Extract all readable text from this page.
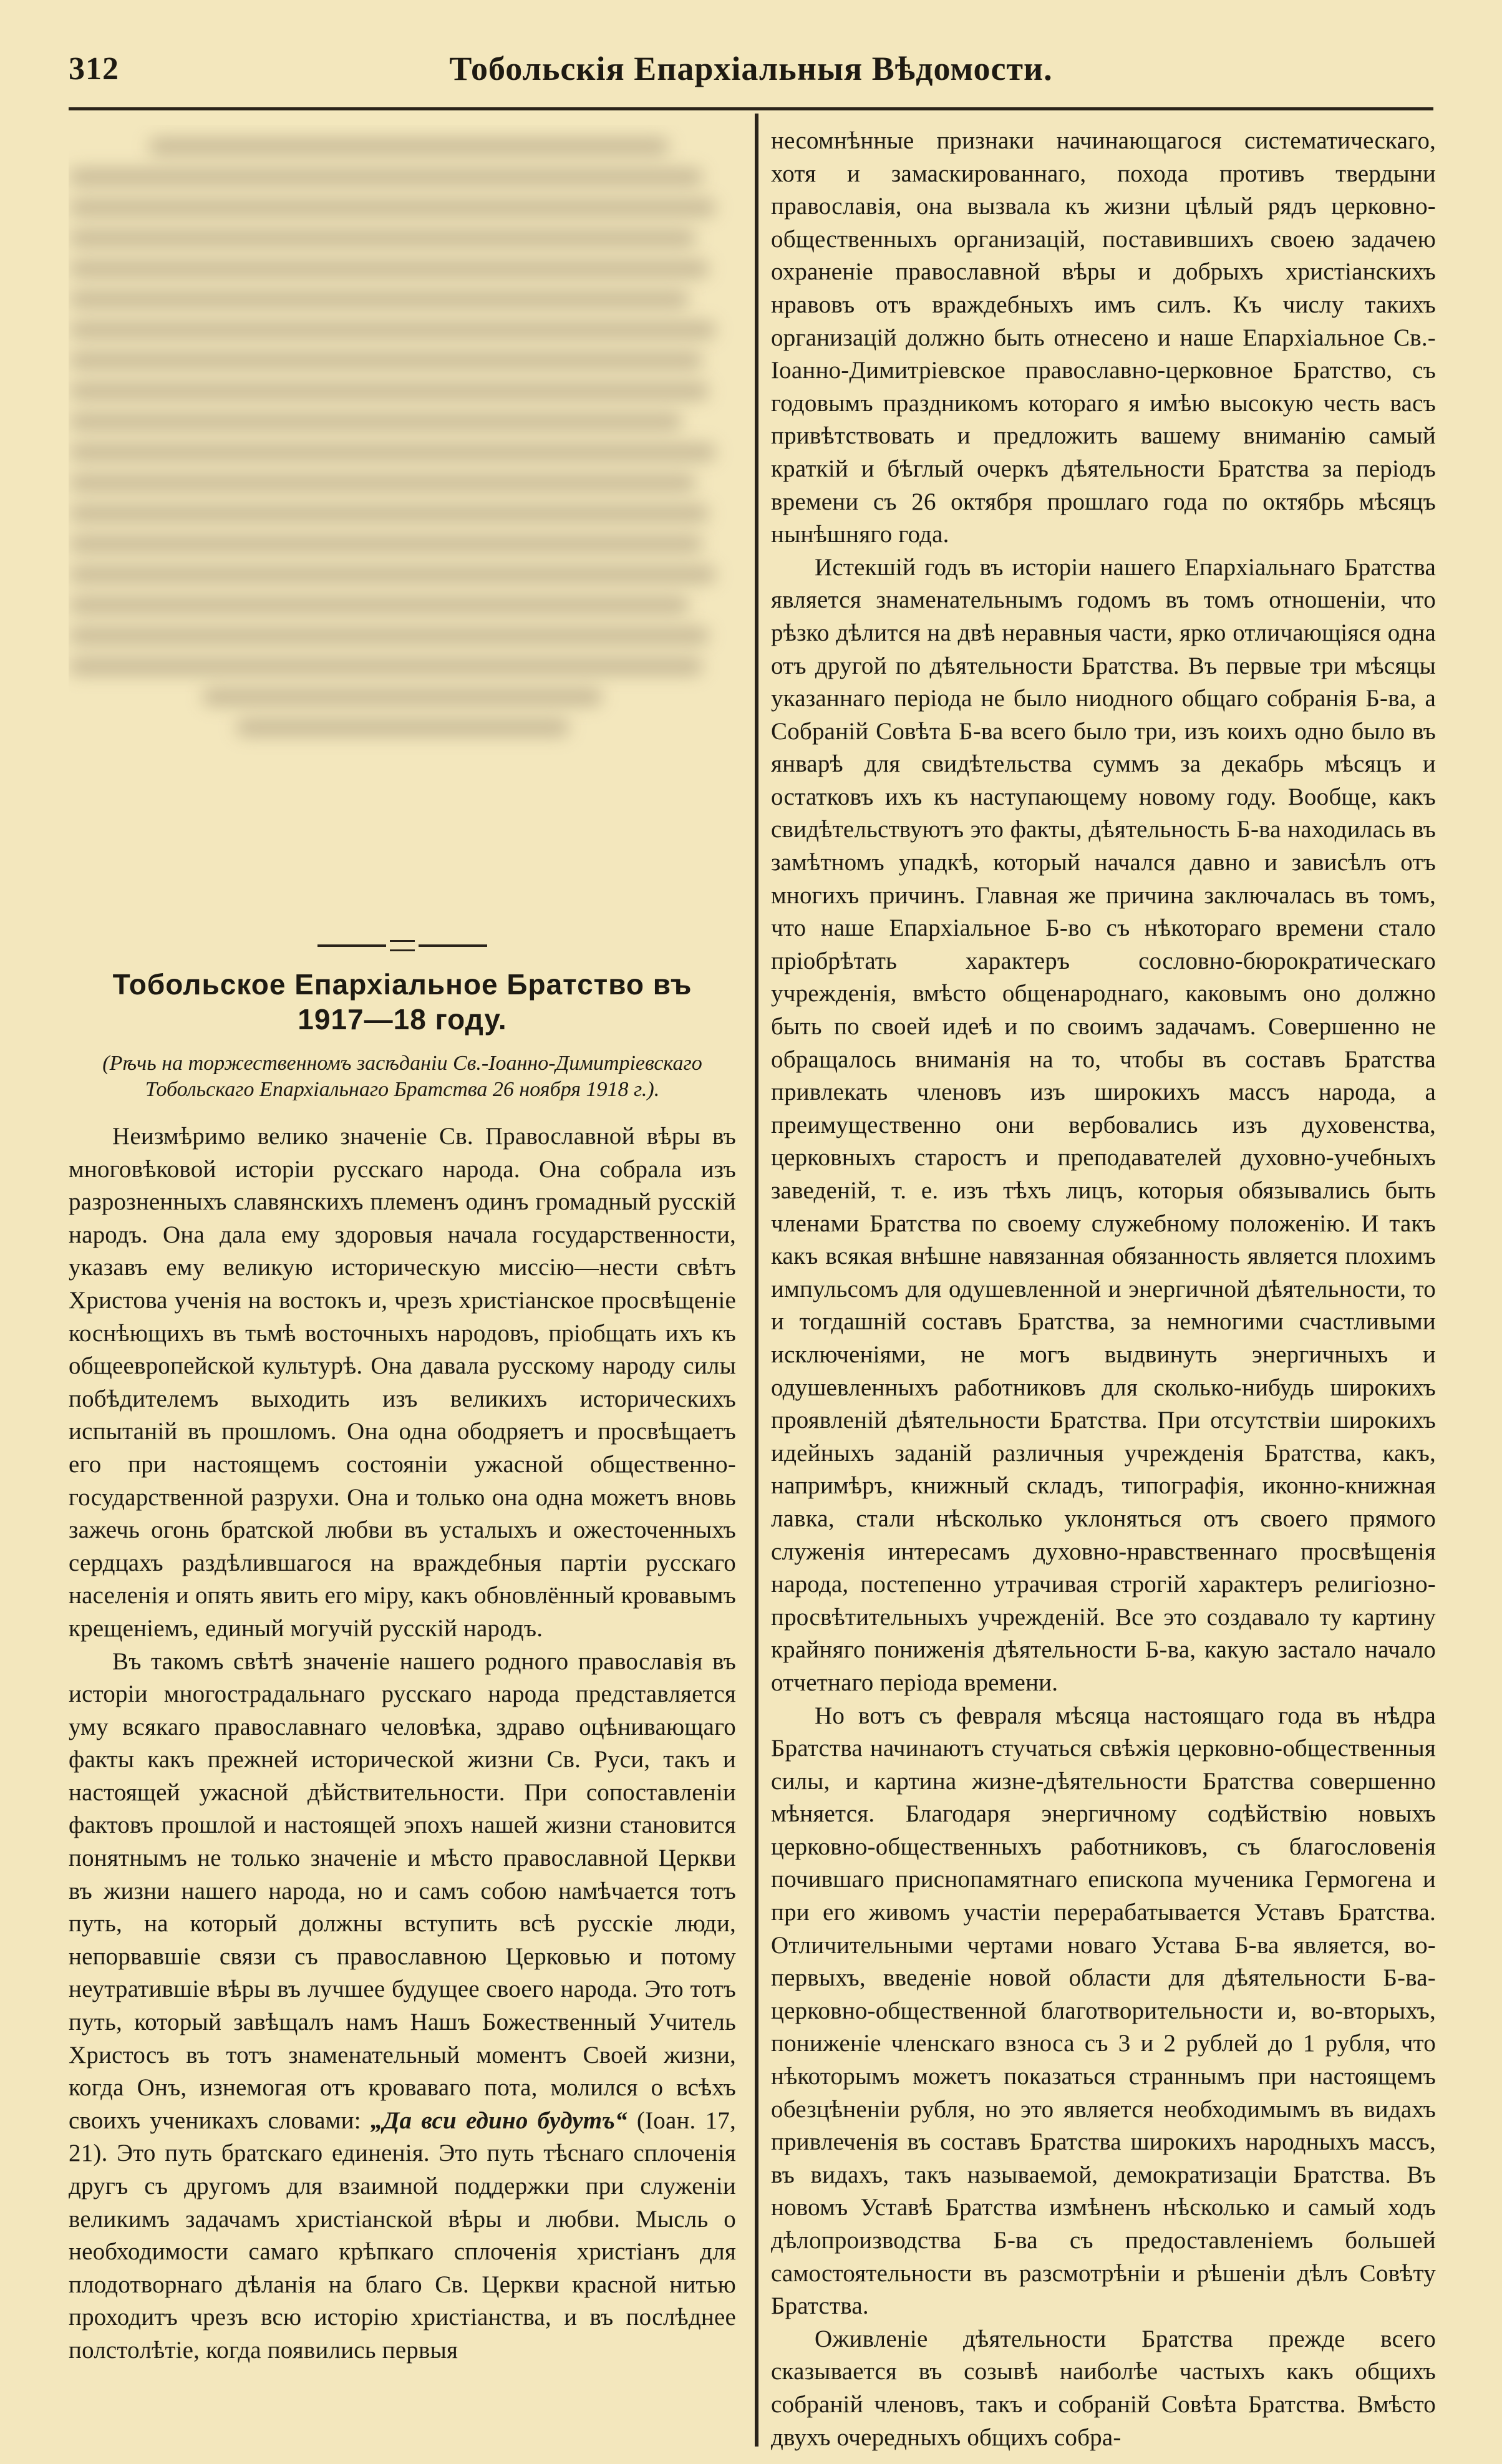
312	Тобольскія Епархіальныя Вѣдомости.
Тобольское Епархіальное Братство въ
1917—18 году.
(Рѣчь на торжественномъ засѣданіи Св.-Іоанно-Димитріевскаго Тобольскаго Епархіальнаго Братства 26 ноября 1918 г.).

Неизмѣримо велико значеніе Св. Православной вѣры въ многовѣковой исторіи русскаго народа. Она собрала изъ разрозненныхъ славянскихъ племенъ одинъ громадный русскій народъ. Она дала ему здоровыя начала государственности, указавъ ему великую историческую миссію—нести свѣтъ Христова ученія на востокъ и, чрезъ христіанское просвѣщеніе коснѣющихъ въ тьмѣ восточныхъ народовъ, пріобщать ихъ къ общеевропейской культурѣ. Она давала русскому народу силы побѣдителемъ выходить изъ великихъ историческихъ испытаній въ прошломъ. Она одна ободряетъ и просвѣщаетъ его при настоящемъ состояніи ужасной общественно-государственной разрухи. Она и только она одна можетъ вновь зажечь огонь братской любви въ усталыхъ и ожесточенныхъ сердцахъ раздѣлившагося на враждебныя партіи русскаго населенія и опять явить его міру, какъ обновлённый кровавымъ крещеніемъ, единый могучій русскій народъ.

Въ такомъ свѣтѣ значеніе нашего родного православія въ исторіи многострадальнаго русскаго народа представляется уму всякаго православнаго человѣка, здраво оцѣнивающаго факты какъ прежней исторической жизни Св. Руси, такъ и настоящей ужасной дѣйствительности. При сопоставленіи фактовъ прошлой и настоящей эпохъ нашей жизни становится понятнымъ не только значеніе и мѣсто православной Церкви въ жизни нашего народа, но и самъ собою намѣчается тотъ путь, на который должны вступить всѣ русскіе люди, непорвавшіе связи съ православною Церковью и потому неутратившіе вѣры въ лучшее будущее своего народа. Это тотъ путь, который завѣщалъ намъ Нашъ Божественный Учитель Христосъ въ тотъ знаменательный моментъ Своей жизни, когда Онъ, изнемогая отъ кроваваго пота, молился о всѣхъ своихъ ученикахъ словами: „Да вси едино будутъ“ (Іоан. 17, 21). Это путь братскаго единенія. Это путь тѣснаго сплоченія другъ съ другомъ для взаимной поддержки при служеніи великимъ задачамъ христіанской вѣры и любви. Мысль о необходимости самаго крѣпкаго сплоченія христіанъ для плодотворнаго дѣланія на благо Св. Церкви красной нитью проходитъ чрезъ всю исторію христіанства, и въ послѣднее полстолѣтіе, когда появились первыя

несомнѣнные признаки начинающагося систематическаго, хотя и замаскированнаго, похода противъ твердыни православія, она вызвала къ жизни цѣлый рядъ церковно-общественныхъ организацій, поставившихъ своею задачею охраненіе православной вѣры и добрыхъ христіанскихъ нравовъ отъ враждебныхъ имъ силъ. Къ числу такихъ организацій должно быть отнесено и наше Епархіальное Св.-Іоанно-Димитріевское православно-церковное Братство, съ годовымъ праздникомъ котораго я имѣю высокую честь васъ привѣтствовать и предложить вашему вниманію самый краткій и бѣглый очеркъ дѣятельности Братства за періодъ времени съ 26 октября прошлаго года по октябрь мѣсяцъ нынѣшняго года.

Истекшій годъ въ исторіи нашего Епархіальнаго Братства является знаменательнымъ годомъ въ томъ отношеніи, что рѣзко дѣлится на двѣ неравныя части, ярко отличающіяся одна отъ другой по дѣятельности Братства. Въ первые три мѣсяцы указаннаго періода не было ниодного общаго собранія Б-ва, а Собраній Совѣта Б-ва всего было три, изъ коихъ одно было въ январѣ для свидѣтельства суммъ за декабрь мѣсяцъ и остатковъ ихъ къ наступающему новому году. Вообще, какъ свидѣтельствуютъ это факты, дѣятельность Б-ва находилась въ замѣтномъ упадкѣ, который начался давно и зависѣлъ отъ многихъ причинъ. Главная же причина заключалась въ томъ, что наше Епархіальное Б-во съ нѣкотораго времени стало пріобрѣтать характеръ сословно-бюрократическаго учрежденія, вмѣсто общенароднаго, каковымъ оно должно быть по своей идеѣ и по своимъ задачамъ. Совершенно не обращалось вниманія на то, чтобы въ составъ Братства привлекать членовъ изъ широкихъ массъ народа, а преимущественно они вербовались изъ духовенства, церковныхъ старостъ и преподавателей духовно-учебныхъ заведеній, т. е. изъ тѣхъ лицъ, которыя обязывались быть членами Братства по своему служебному положенію. И такъ какъ всякая внѣшне навязанная обязанность является плохимъ импульсомъ для одушевленной и энергичной дѣятельности, то и тогдашній составъ Братства, за немногими счастливыми исключеніями, не могъ выдвинуть энергичныхъ и одушевленныхъ работниковъ для сколько-нибудь широкихъ проявленій дѣятельности Братства. При отсутствіи широкихъ идейныхъ заданій различныя учрежденія Братства, какъ, напримѣръ, книжный складъ, типографія, иконно-книжная лавка, стали нѣсколько уклоняться отъ своего прямого служенія интересамъ духовно-нравственнаго просвѣщенія народа, постепенно утрачивая строгій характеръ религіозно-просвѣтительныхъ учрежденій. Все это создавало ту картину крайняго пониженія дѣятельности Б-ва, какую застало начало отчетнаго періода времени.

Но вотъ съ февраля мѣсяца настоящаго года въ нѣдра Братства начинаютъ стучаться свѣжія церковно-общественныя силы, и картина жизне-дѣятельности Братства совершенно мѣняется. Благодаря энергичному содѣйствію новыхъ церковно-общественныхъ работниковъ, съ благословенія почившаго приснопамятнаго епископа мученика Гермогена и при его живомъ участіи перерабатывается Уставъ Братства. Отличительными чертами новаго Устава Б-ва является, во-первыхъ, введеніе новой области для дѣятельности Б-ва-церковно-общественной благотворительности и, во-вторыхъ, пониженіе членскаго взноса съ 3 и 2 рублей до 1 рубля, что нѣкоторымъ можетъ показаться страннымъ при настоящемъ обезцѣненіи рубля, но это является необходимымъ въ видахъ привлеченія въ составъ Братства широкихъ народныхъ массъ, въ видахъ, такъ называемой, демократизаціи Братства. Въ новомъ Уставѣ Братства измѣненъ нѣсколько и самый ходъ дѣлопроизводства Б-ва съ предоставленіемъ большей самостоятельности въ разсмотрѣніи и рѣшеніи дѣлъ Совѣту Братства.

Оживленіе дѣятельности Братства прежде всего сказывается въ созывѣ наиболѣе частыхъ какъ общихъ собраній членовъ, такъ и собраній Совѣта Братства. Вмѣсто двухъ очередныхъ общихъ собра-
